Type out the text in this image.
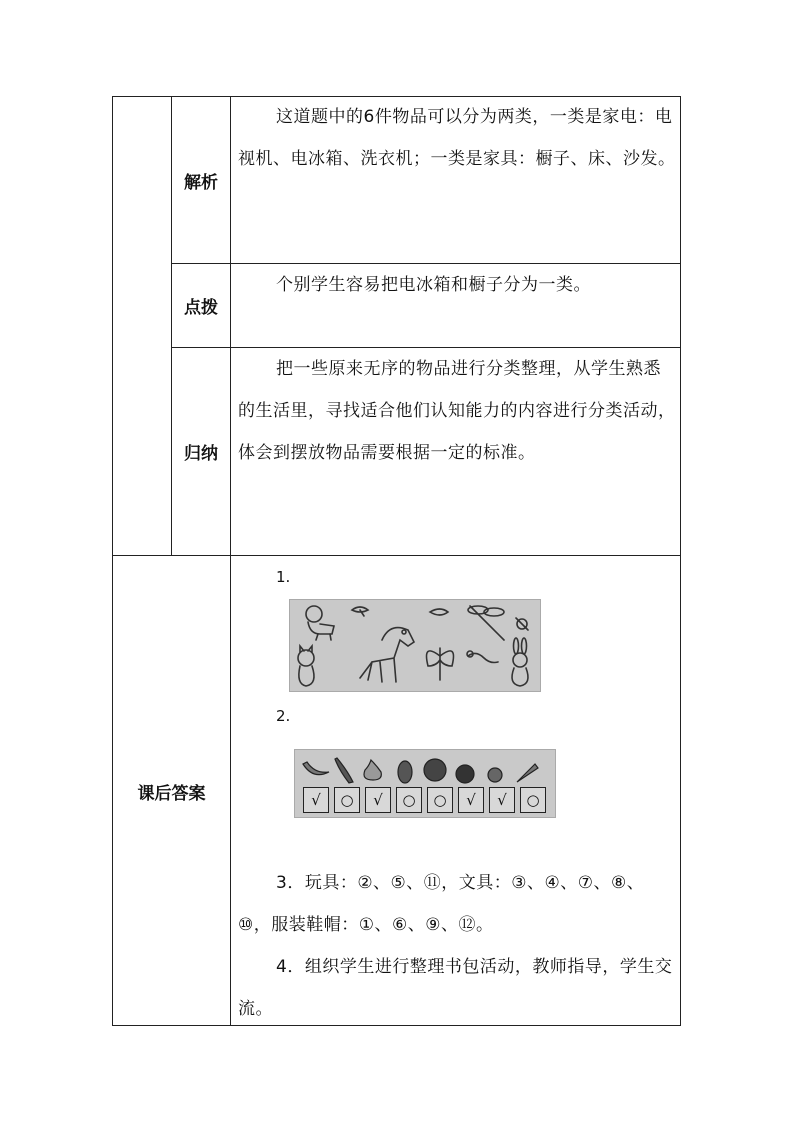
解析

这道题中的6件物品可以分为两类，一类是家电：电视机、电冰箱、洗衣机；一类是家具：橱子、床、沙发。

点拨

个别学生容易把电冰箱和橱子分为一类。

归纳

把一些原来无序的物品进行分类整理，从学生熟悉的生活里，寻找适合他们认知能力的内容进行分类活动，体会到摆放物品需要根据一定的标准。

课后答案
1.
2.
√	○	√	○	○	√	√	○

3．玩具：②、⑤、⑪，文具：③、④、⑦、⑧、⑩，服装鞋帽：①、⑥、⑨、⑫。

4．组织学生进行整理书包活动，教师指导，学生交流。
